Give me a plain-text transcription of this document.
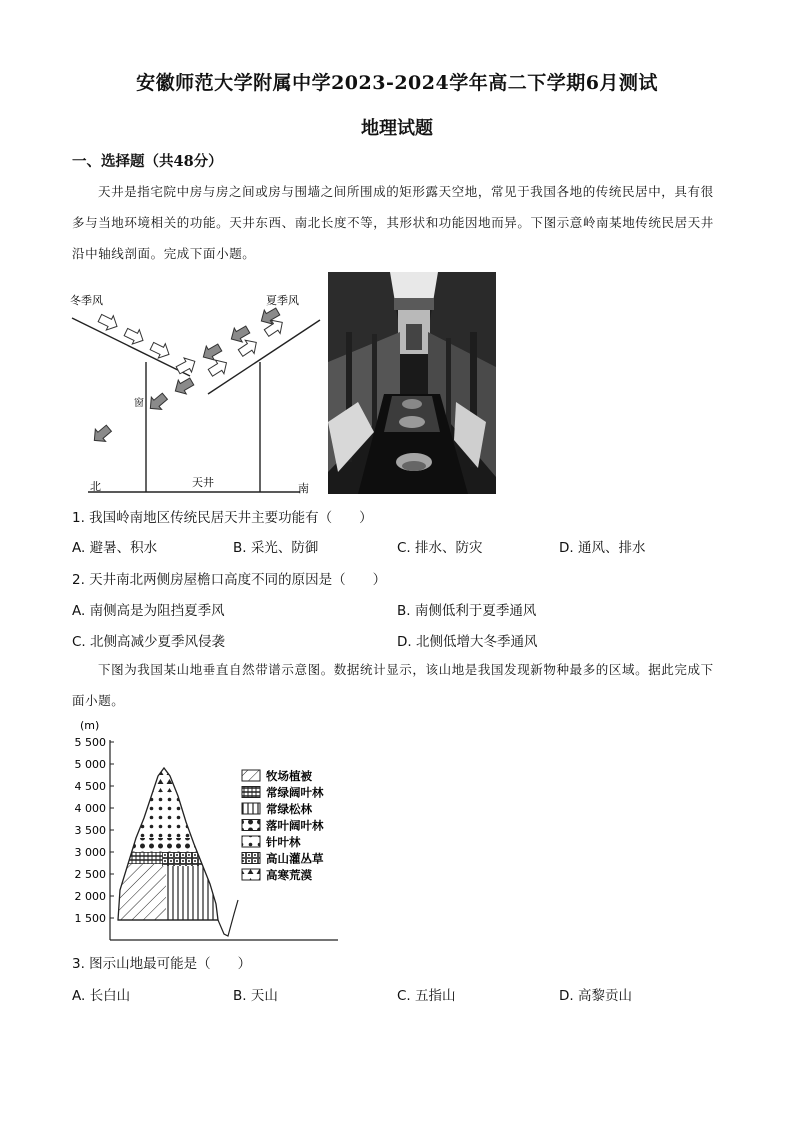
安徽师范大学附属中学2023-2024学年高二下学期6月测试
地理试题
一、选择题（共48分）
天井是指宅院中房与房之间或房与围墙之间所围成的矩形露天空地，常见于我国各地的传统民居中，具有很多与当地环境相关的功能。天井东西、南北长度不等，其形状和功能因地而异。下图示意岭南某地传统民居天井沿中轴线剖面。完成下面小题。
冬季风	夏季风
窗
天井
北	南
1. 我国岭南地区传统民居天井主要功能有（　　）
A. 避暑、积水	B. 采光、防御	C. 排水、防灾	D. 通风、排水
2. 天井南北两侧房屋檐口高度不同的原因是（　　）
A. 南侧高是为阻挡夏季风	B. 南侧低利于夏季通风
C. 北侧高减少夏季风侵袭	D. 北侧低增大冬季通风
下图为我国某山地垂直自然带谱示意图。数据统计显示，该山地是我国发现新物种最多的区域。据此完成下面小题。
(m)
5 500
5 000
4 500
4 000
3 500
3 000
2 500
2 000
1 500
牧场植被
常绿阔叶林
常绿松林
落叶阔叶林
针叶林
高山灌丛草
高寒荒漠
3. 图示山地最可能是（　　）
A. 长白山	B. 天山	C. 五指山	D. 高黎贡山
